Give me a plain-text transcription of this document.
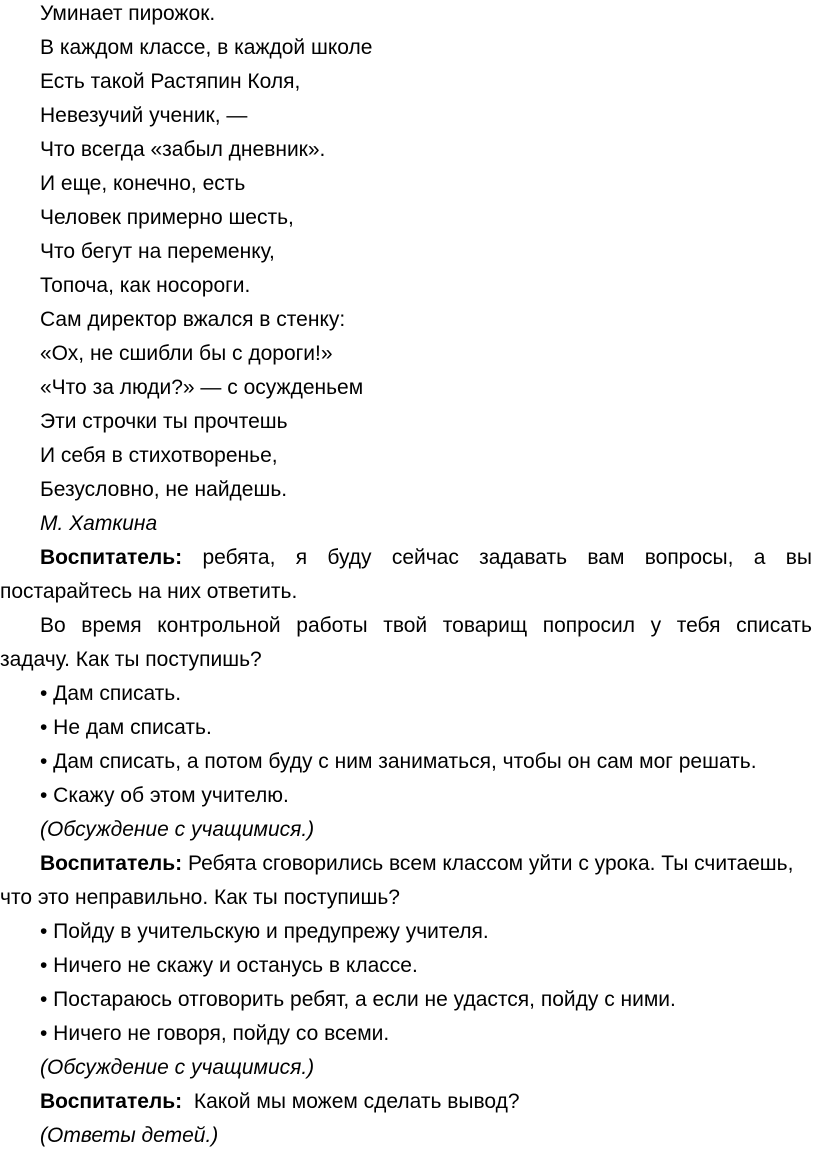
Уминает пирожок.

В каждом классе, в каждой школе

Есть такой Растяпин Коля,

Невезучий ученик, —

Что всегда «забыл дневник».

И еще, конечно, есть

Человек примерно шесть,

Что бегут на переменку,

Топоча, как носороги.

Сам директор вжался в стенку:

«Ох, не сшибли бы с дороги!»

«Что за люди?» — с осужденьем

Эти строчки ты прочтешь

И себя в стихотворенье,

Безусловно, не найдешь.

М. Хаткина

Воспитатель: ребята, я буду сейчас задавать вам вопросы, а вы

постарайтесь на них ответить.

Во время контрольной работы твой товарищ попросил у тебя списать

задачу. Как ты поступишь?

• Дам списать.

• Не дам списать.

• Дам списать, а потом буду с ним заниматься, чтобы он сам мог решать.

• Скажу об этом учителю.

(Обсуждение с учащимися.)

Воспитатель: Ребята сговорились всем классом уйти с урока. Ты считаешь,

что это неправильно. Как ты поступишь?

• Пойду в учительскую и предупрежу учителя.

• Ничего не скажу и останусь в классе.

• Постараюсь отговорить ребят, а если не удастся, пойду с ними.

• Ничего не говоря, пойду со всеми.

(Обсуждение с учащимися.)

Воспитатель:  Какой мы можем сделать вывод?

(Ответы детей.)
